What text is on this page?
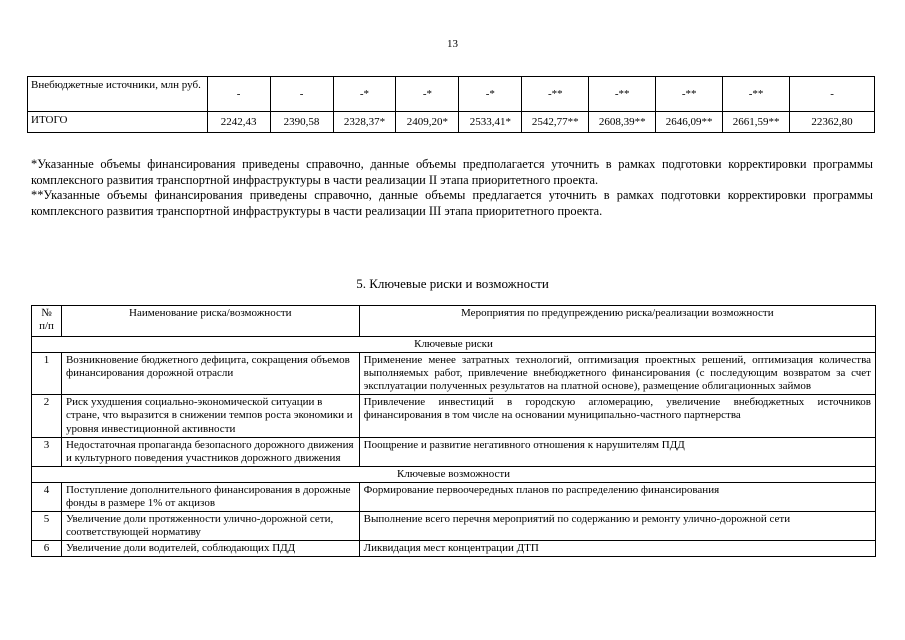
13
Внебюджетные источники, млн руб.	-	-	-*	-*	-*	-**	-**	-**	-**	-
ИТОГО	2242,43	2390,58	2328,37*	2409,20*	2533,41*	2542,77**	2608,39**	2646,09**	2661,59**	22362,80

*Указанные объемы финансирования приведены справочно, данные объемы предполагается уточнить в рамках подготовки корректировки программы комплексного развития транспортной инфраструктуры в части реализации II этапа приоритетного проекта.

**Указанные объемы финансирования приведены справочно, данные объемы предлагается уточнить в рамках подготовки корректировки программы комплексного развития транспортной инфраструктуры в части реализации III этапа приоритетного проекта.

5. Ключевые риски и возможности
№ п/п	Наименование риска/возможности	Мероприятия по предупреждению риска/реализации возможности
Ключевые риски		
1	Возникновение бюджетного дефицита, сокращения объемов финансирования дорожной отрасли	Применение менее затратных технологий, оптимизация проектных решений, оптимизация количества выполняемых работ, привлечение внебюджетного финансирования (с последующим возвратом за счет эксплуатации полученных результатов на платной основе), размещение облигационных займов
2	Риск ухудшения социально-экономической ситуации в стране, что выразится в снижении темпов роста экономики и уровня инвестиционной активности	Привлечение инвестиций в городскую агломерацию, увеличение внебюджетных источников финансирования в том числе на основании муниципально-частного партнерства
3	Недостаточная пропаганда безопасного дорожного движения и культурного поведения участников дорожного движения	Поощрение и развитие негативного отношения к нарушителям ПДД
Ключевые возможности		
4	Поступление дополнительного финансирования в дорожные фонды в размере 1% от акцизов	Формирование первоочередных планов по распределению финансирования
5	Увеличение доли протяженности улично-дорожной сети, соответствующей нормативу	Выполнение всего перечня мероприятий по содержанию и ремонту улично-дорожной сети
6	Увеличение доли водителей, соблюдающих ПДД	Ликвидация мест концентрации ДТП
